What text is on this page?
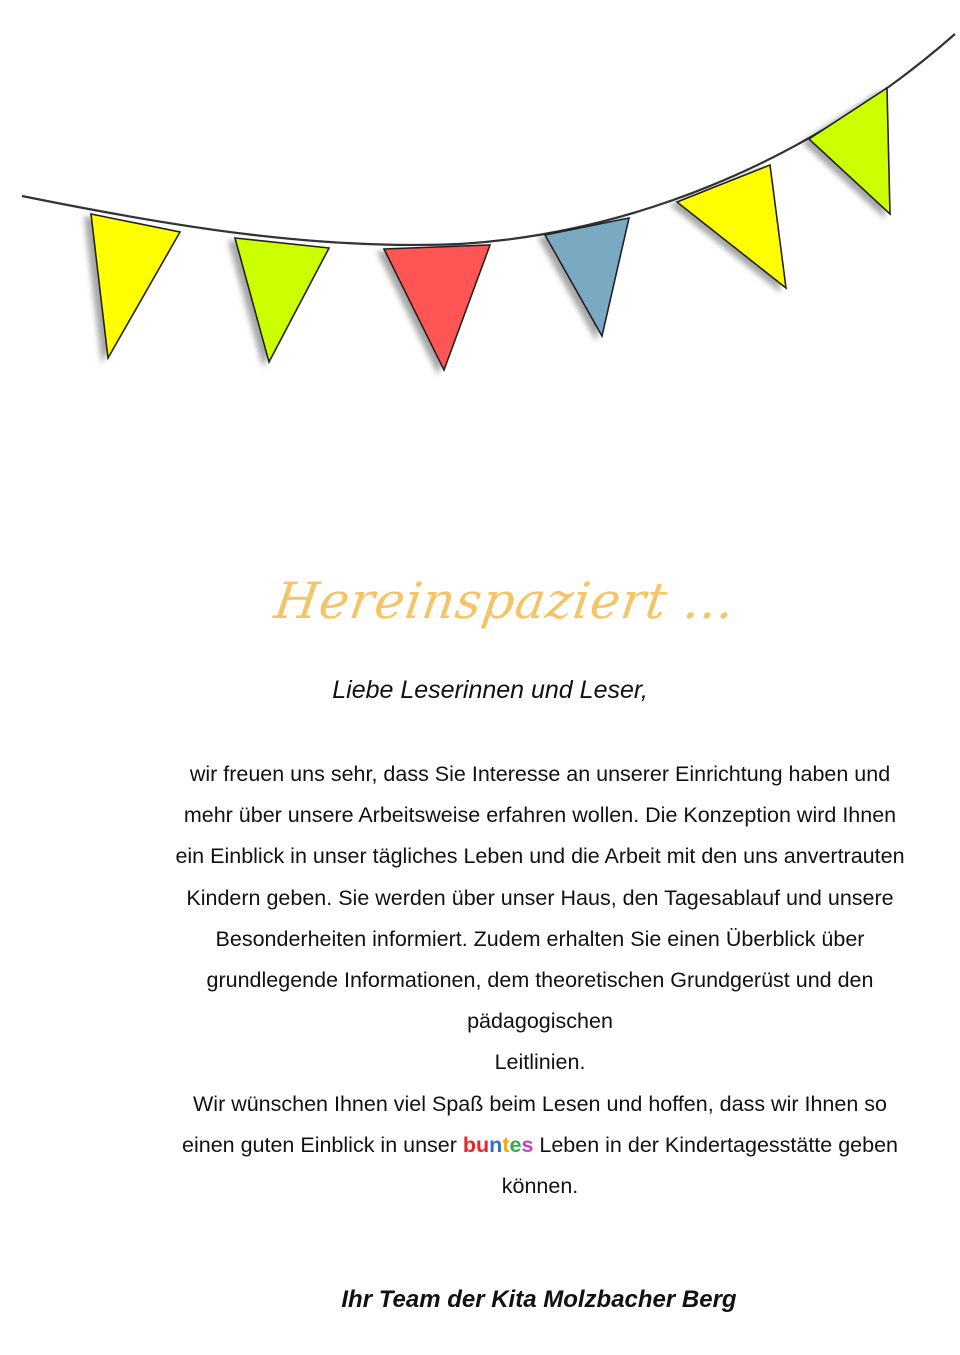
Hereinspaziert ...
Liebe Leserinnen und Leser,

wir freuen uns sehr, dass Sie Interesse an unserer Einrichtung haben und

mehr über unsere Arbeitsweise erfahren wollen. Die Konzeption wird Ihnen

ein Einblick in unser tägliches Leben und die Arbeit mit den uns anvertrauten

Kindern geben. Sie werden über unser Haus, den Tagesablauf und unsere

Besonderheiten informiert. Zudem erhalten Sie einen Überblick über

grundlegende Informationen, dem theoretischen Grundgerüst und den

pädagogischen

Leitlinien.

Wir wünschen Ihnen viel Spaß beim Lesen und hoffen, dass wir Ihnen so

einen guten Einblick in unser buntes Leben in der Kindertagesstätte geben

können.

Ihr Team der Kita Molzbacher Berg
